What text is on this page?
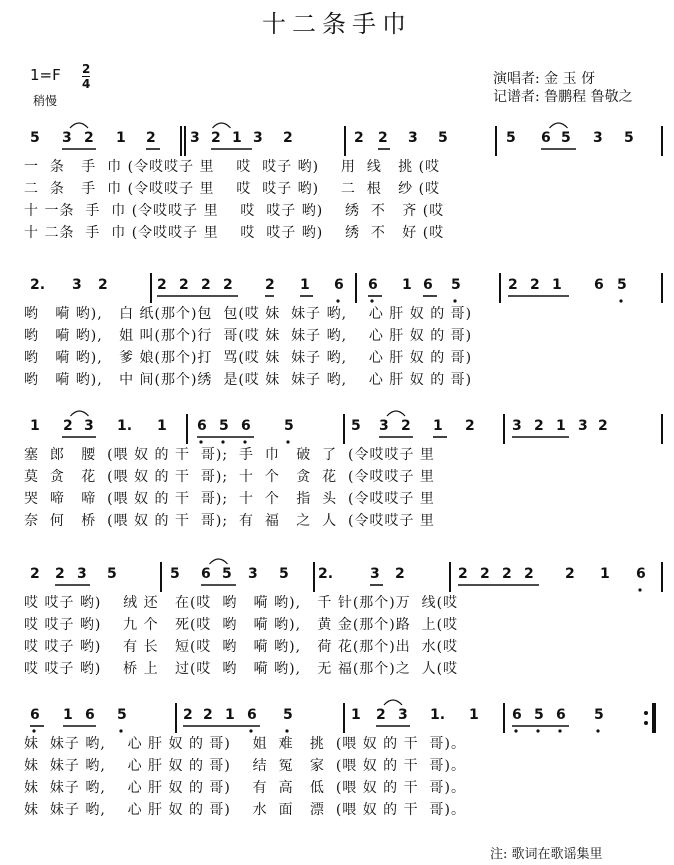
十二条手巾
1=F 2
4
稍慢
演唱者: 金 玉 伢
记谱者: 鲁鹏程 鲁敬之
5 3 2 1 2 3 2 1 3 2	2 2 3 5	5 6 5 3 5
一  条   手  巾 (令哎哎子 里    哎  哎子 哟)    用  线   挑 (哎
二  条   手  巾 (令哎哎子 里    哎  哎子 哟)    二  根   纱 (哎
十 一条  手  巾 (令哎哎子 里    哎  哎子 哟)    绣  不   齐 (哎
十 二条  手  巾 (令哎哎子 里    哎  哎子 哟)    绣  不   好 (哎
2. 3 2	2 2 2 2 2 1 6 6 1 6 5	2 2 1 6 5
哟   嗬 哟),   白 纸(那个)包  包(哎 妹  妹子 哟,    心 肝 奴 的 哥)
哟   嗬 哟),   姐 叫(那个)行  哥(哎 妹  妹子 哟,    心 肝 奴 的 哥)
哟   嗬 哟),   爹 娘(那个)打  骂(哎 妹  妹子 哟,    心 肝 奴 的 哥)
哟   嗬 哟),   中 间(那个)绣  是(哎 妹  妹子 哟,    心 肝 奴 的 哥)
1 2 3 1. 1 6 5 6 5	5 3 2 1 2	3 2 1 3 2
塞  郎   腰  (喂 奴 的 干  哥);  手  巾   破  了  (令哎哎子 里
莫  贪   花  (喂 奴 的 干  哥);  十  个   贪  花  (令哎哎子 里
哭  啼   啼  (喂 奴 的 干  哥);  十  个   指  头  (令哎哎子 里
奈  何   桥  (喂 奴 的 干  哥);  有  福   之  人  (令哎哎子 里
2 2 3 5	5 6 5 3 5 2.	3 2	2 2 2 2 2 1 6
哎 哎子 哟)    绒 还   在(哎  哟   嗬 哟),   千 针(那个)万  线(哎
哎 哎子 哟)    九 个   死(哎  哟   嗬 哟),   黄 金(那个)路  上(哎
哎 哎子 哟)    有 长   短(哎  哟   嗬 哟),   荷 花(那个)出  水(哎
哎 哎子 哟)    桥 上   过(哎  哟   嗬 哟),   无 福(那个)之  人(哎
6 1 6 5	2 2 1 6 5	1 2 3 1. 1 6 5 6 5
妹  妹子 哟,    心 肝 奴 的 哥)    姐  难   挑  (喂 奴 的 干  哥)。
妹  妹子 哟,    心 肝 奴 的 哥)    结  冤   家  (喂 奴 的 干  哥)。
妹  妹子 哟,    心 肝 奴 的 哥)    有  高   低  (喂 奴 的 干  哥)。
妹  妹子 哟,    心 肝 奴 的 哥)    水  面   漂  (喂 奴 的 干  哥)。
注: 歌词在歌谣集里
